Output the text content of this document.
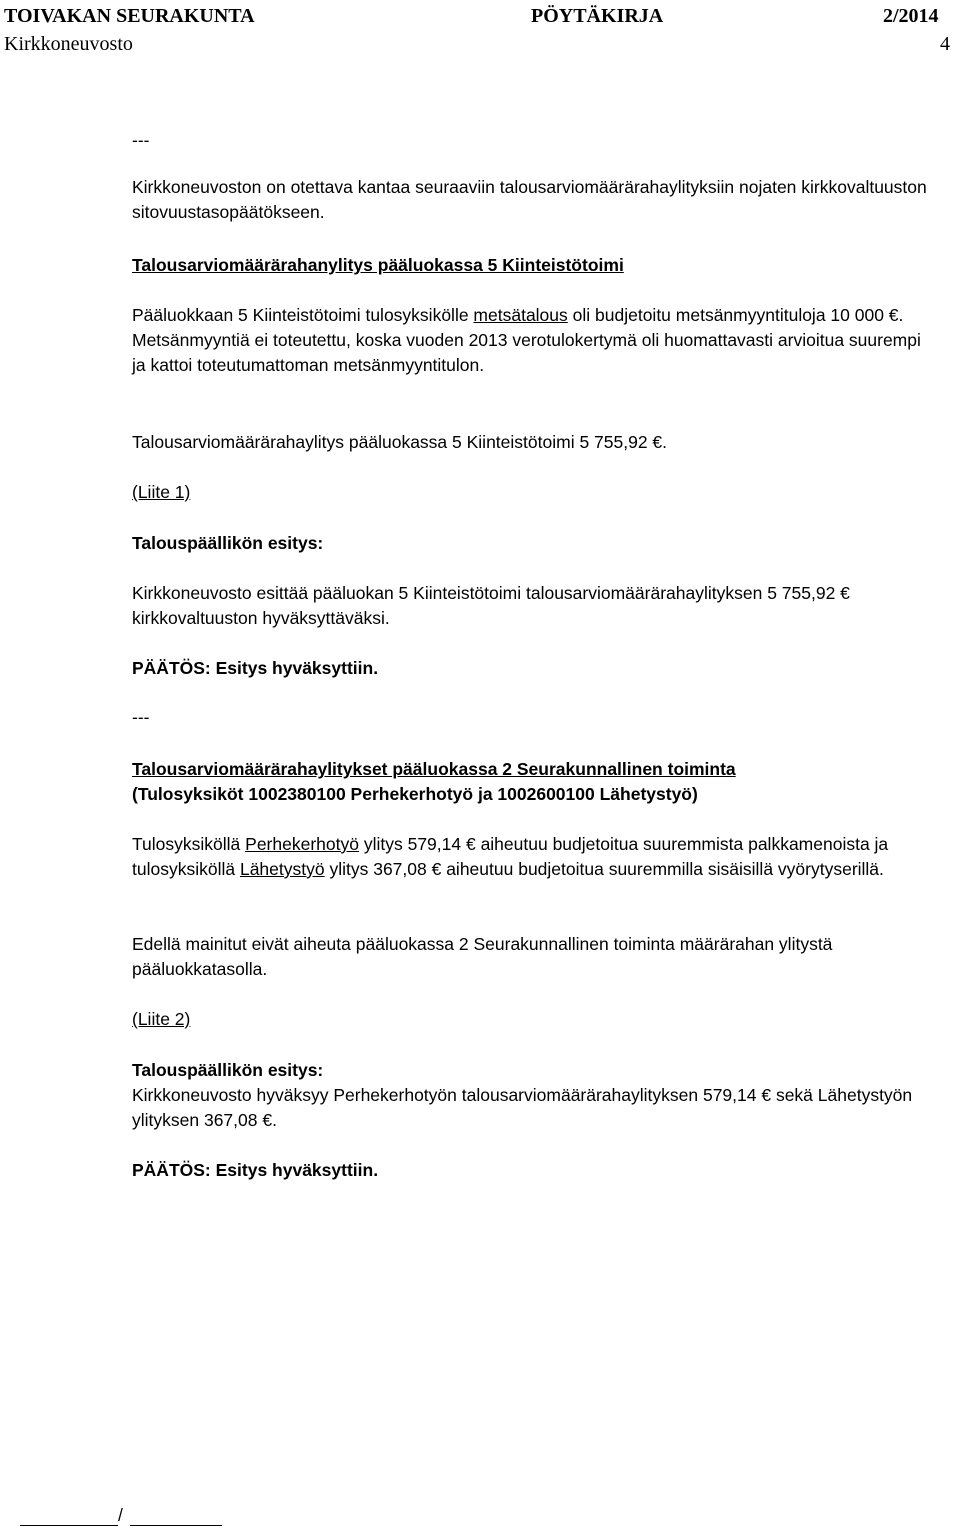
TOIVAKAN SEURAKUNTA	PÖYTÄKIRJA	2/2014
Kirkkoneuvosto	4

---

Kirkkoneuvoston on otettava kantaa seuraaviin talousarviomäärärahaylityksiin nojaten kirkkovaltuuston sitovuustasopäätökseen.

Talousarviomäärärahanylitys pääluokassa 5 Kiinteistötoimi

Pääluokkaan 5 Kiinteistötoimi tulosyksikölle metsätalous oli budjetoitu metsänmyyntituloja 10 000 €. Metsänmyyntiä ei toteutettu, koska vuoden 2013 verotulokertymä oli huomattavasti arvioitua suurempi ja kattoi toteutumattoman metsänmyyntitulon.

Talousarviomäärärahaylitys pääluokassa 5 Kiinteistötoimi 5 755,92 €.

(Liite 1)

Talouspäällikön esitys:

Kirkkoneuvosto esittää pääluokan 5 Kiinteistötoimi talousarviomäärärahaylityksen 5 755,92 € kirkkovaltuuston hyväksyttäväksi.

PÄÄTÖS: Esitys hyväksyttiin.

---

Talousarviomäärärahaylitykset pääluokassa 2 Seurakunnallinen toiminta

(Tulosyksiköt 1002380100 Perhekerhotyö ja 1002600100 Lähetystyö)

Tulosyksiköllä Perhekerhotyö ylitys 579,14 € aiheutuu budjetoitua suuremmista palkkamenoista ja tulosyksiköllä Lähetystyö ylitys 367,08 € aiheutuu budjetoitua suuremmilla sisäisillä vyörytyserillä.

Edellä mainitut eivät aiheuta pääluokassa 2 Seurakunnallinen toiminta määrärahan ylitystä pääluokkatasolla.

(Liite 2)

Talouspäällikön esitys:

Kirkkoneuvosto hyväksyy Perhekerhotyön talousarviomäärärahaylityksen 579,14 € sekä Lähetystyön ylityksen 367,08 €.

PÄÄTÖS: Esitys hyväksyttiin.

/
